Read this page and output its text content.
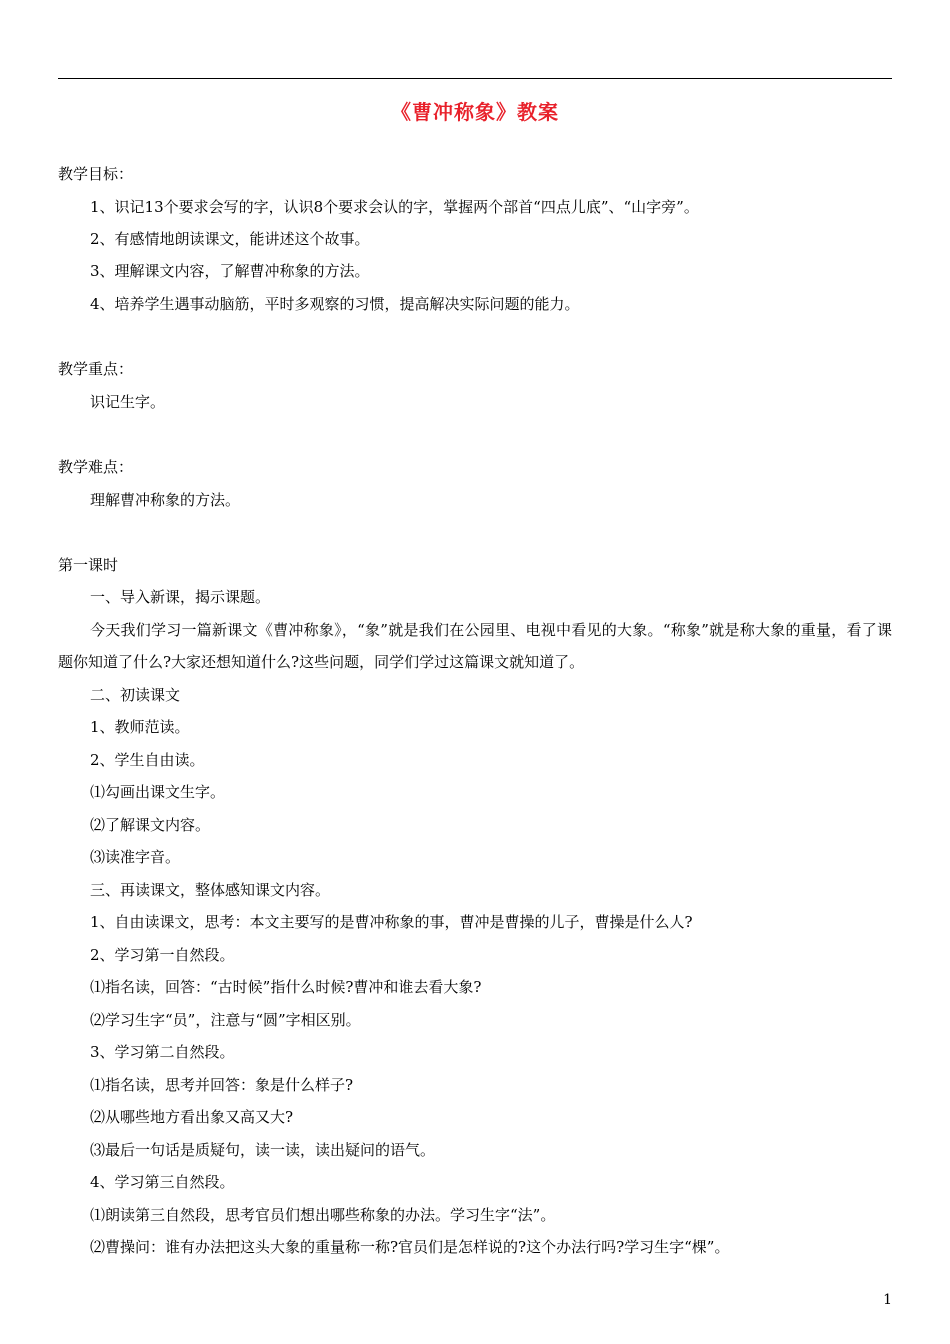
《曹冲称象》教案
教学目标：
1、识记13个要求会写的字，认识8个要求会认的字，掌握两个部首“四点儿底”、“山字旁”。
2、有感情地朗读课文，能讲述这个故事。
3、理解课文内容，了解曹冲称象的方法。
4、培养学生遇事动脑筋，平时多观察的习惯，提高解决实际问题的能力。
教学重点：
识记生字。
教学难点：
理解曹冲称象的方法。
第一课时
一、导入新课，揭示课题。
今天我们学习一篇新课文《曹冲称象》，“象”就是我们在公园里、电视中看见的大象。“称象”就是称大象的重量，看了课题你知道了什么?大家还想知道什么?这些问题，同学们学过这篇课文就知道了。
二、初读课文
1、教师范读。
2、学生自由读。
⑴勾画出课文生字。
⑵了解课文内容。
⑶读准字音。
三、再读课文，整体感知课文内容。
1、自由读课文，思考：本文主要写的是曹冲称象的事，曹冲是曹操的儿子，曹操是什么人?
2、学习第一自然段。
⑴指名读，回答：“古时候”指什么时候?曹冲和谁去看大象?
⑵学习生字“员”，注意与“圆”字相区别。
3、学习第二自然段。
⑴指名读，思考并回答：象是什么样子?
⑵从哪些地方看出象又高又大?
⑶最后一句话是质疑句，读一读，读出疑问的语气。
4、学习第三自然段。
⑴朗读第三自然段，思考官员们想出哪些称象的办法。学习生字“法”。
⑵曹操问：谁有办法把这头大象的重量称一称?官员们是怎样说的?这个办法行吗?学习生字“棵”。
1
